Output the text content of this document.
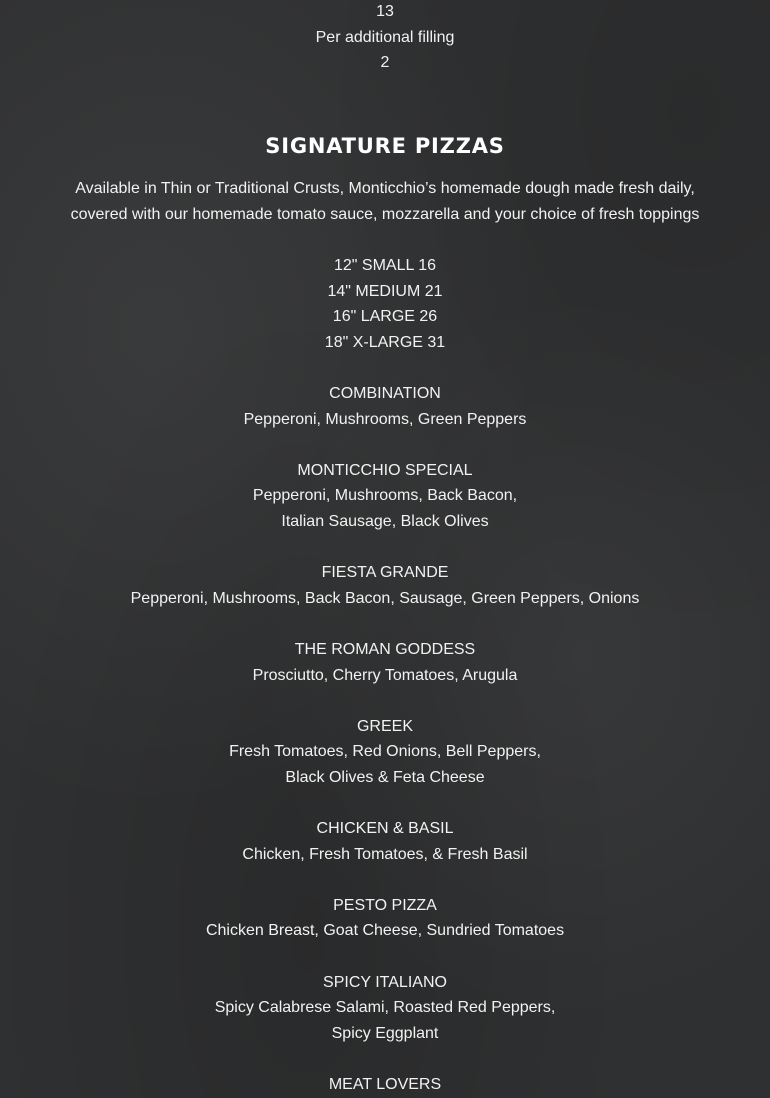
13

Per additional filling

2

SIGNATURE PIZZAS

Available in Thin or Traditional Crusts, Monticchio’s homemade dough made fresh daily,

covered with our homemade tomato sauce, mozzarella and your choice of fresh toppings

12" SMALL 16

14" MEDIUM 21

16" LARGE 26

18" X-LARGE 31

COMBINATION

Pepperoni, Mushrooms, Green Peppers

MONTICCHIO SPECIAL

Pepperoni, Mushrooms, Back Bacon,

Italian Sausage, Black Olives

FIESTA GRANDE

Pepperoni, Mushrooms, Back Bacon, Sausage, Green Peppers, Onions

THE ROMAN GODDESS

Prosciutto, Cherry Tomatoes, Arugula

GREEK

Fresh Tomatoes, Red Onions, Bell Peppers,

Black Olives & Feta Cheese

CHICKEN & BASIL

Chicken, Fresh Tomatoes, & Fresh Basil

PESTO PIZZA

Chicken Breast, Goat Cheese, Sundried Tomatoes

SPICY ITALIANO

Spicy Calabrese Salami, Roasted Red Peppers,

Spicy Eggplant

MEAT LOVERS
